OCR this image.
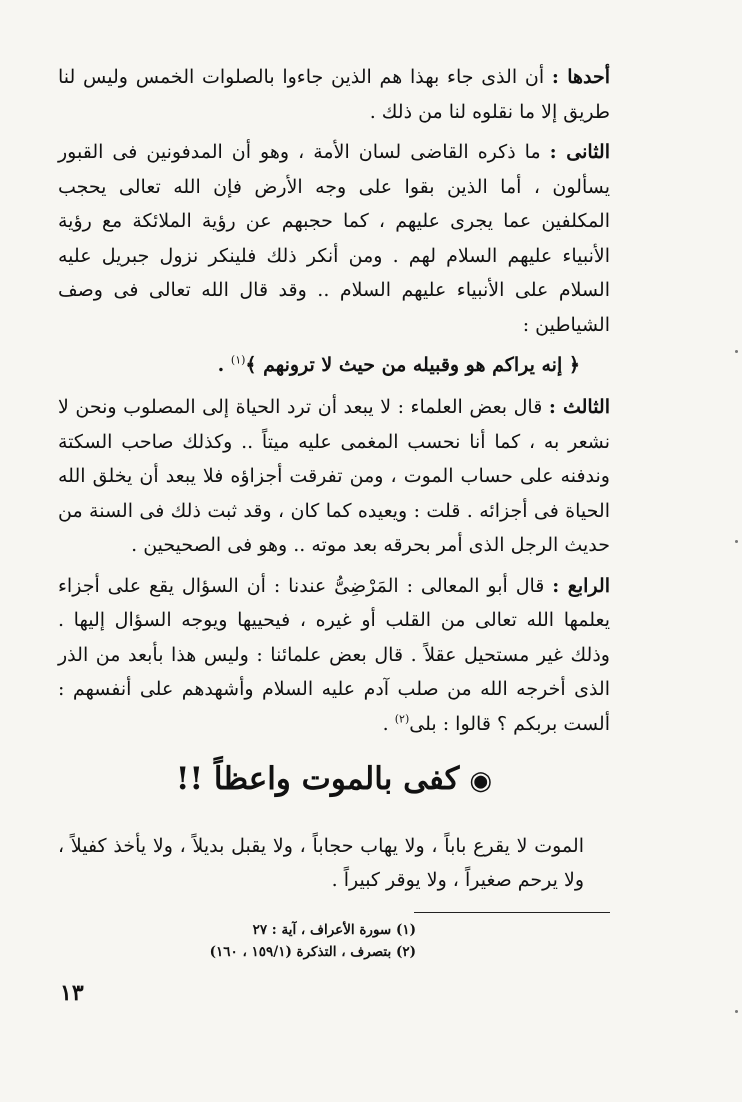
أحدها : أن الذى جاء بهذا هم الذين جاءوا بالصلوات الخمس وليس لنا طريق إلا ما نقلوه لنا من ذلك .

الثانى : ما ذكره القاضى لسان الأمة ، وهو أن المدفونين فى القبور يسألون ، أما الذين بقوا على وجه الأرض فإن الله تعالى يحجب المكلفين عما يجرى عليهم ، كما حجبهم عن رؤية الملائكة مع رؤية الأنبياء عليهم السلام لهم . ومن أنكر ذلك فلينكر نزول جبريل عليه السلام على الأنبياء عليهم السلام .. وقد قال الله تعالى فى وصف الشياطين :

﴿ إنه يراكم هو وقبيله من حيث لا ترونهم ﴾$^{(١)}$ .

الثالث : قال بعض العلماء : لا يبعد أن ترد الحياة إلى المصلوب ونحن لا نشعر به ، كما أنا نحسب المغمى عليه ميتاً .. وكذلك صاحب السكتة وندفنه على حساب الموت ، ومن تفرقت أجزاؤه فلا يبعد أن يخلق الله الحياة فى أجزائه . قلت : ويعيده كما كان ، وقد ثبت ذلك فى السنة من حديث الرجل الذى أمر بحرقه بعد موته .. وهو فى الصحيحين .

الرابع : قال أبو المعالى : المَرْضِىُّ عندنا : أن السؤال يقع على أجزاء يعلمها الله تعالى من القلب أو غيره ، فيحييها ويوجه السؤال إليها . وذلك غير مستحيل عقلاً . قال بعض علمائنا : وليس هذا بأبعد من الذر الذى أخرجه الله من صلب آدم عليه السلام وأشهدهم على أنفسهم : ألست بربكم ؟ قالوا : بلى$^{(٢)}$ .

◉كفى بالموت واعظاً !!

الموت لا يقرع باباً ، ولا يهاب حجاباً ، ولا يقبل بديلاً ، ولا يأخذ كفيلاً ، ولا يرحم صغيراً ، ولا يوقر كبيراً .

(١) سورة الأعراف ، آية : ٢٧
(٢) بتصرف ، التذكرة (١٥٩/١ ، ١٦٠)
١٣
